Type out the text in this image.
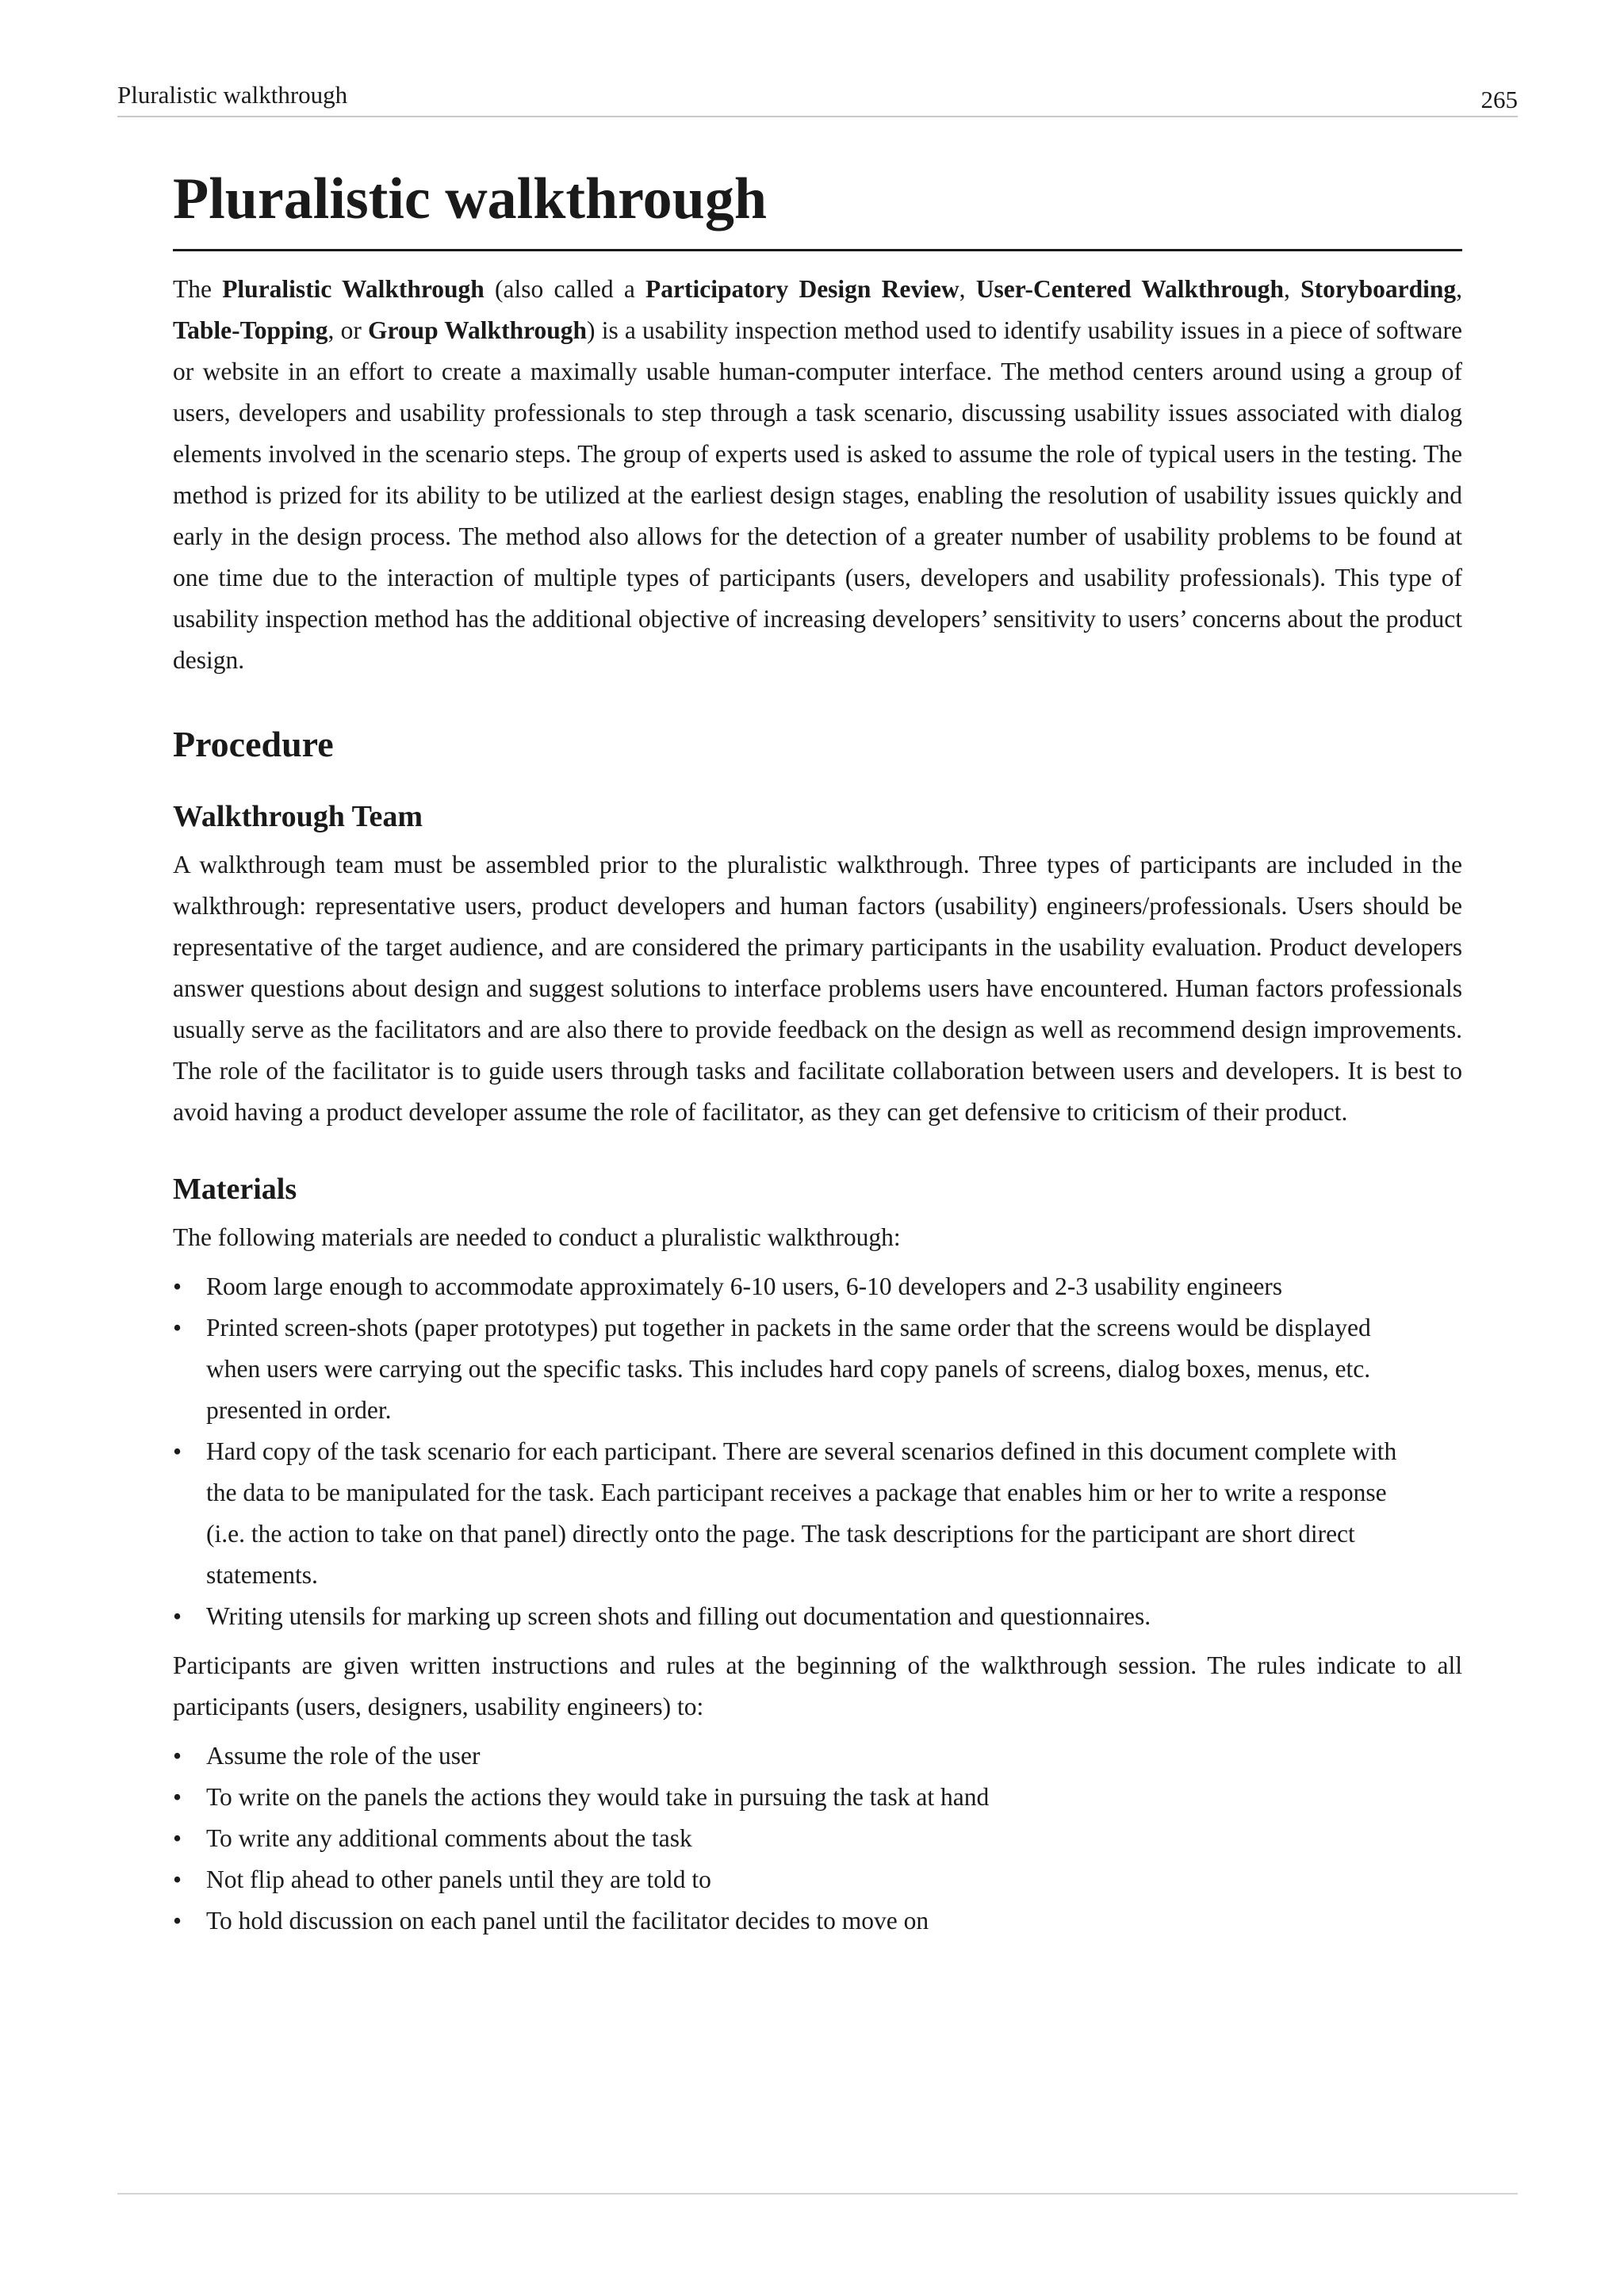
Pluralistic walkthrough	265
Pluralistic walkthrough

The Pluralistic Walkthrough (also called a Participatory Design Review, User-Centered Walkthrough, Storyboarding, Table-Topping, or Group Walkthrough) is a usability inspection method used to identify usability issues in a piece of software or website in an effort to create a maximally usable human-computer interface. The method centers around using a group of users, developers and usability professionals to step through a task scenario, discussing usability issues associated with dialog elements involved in the scenario steps. The group of experts used is asked to assume the role of typical users in the testing. The method is prized for its ability to be utilized at the earliest design stages, enabling the resolution of usability issues quickly and early in the design process. The method also allows for the detection of a greater number of usability problems to be found at one time due to the interaction of multiple types of participants (users, developers and usability professionals). This type of usability inspection method has the additional objective of increasing developers’ sensitivity to users’ concerns about the product design.

Procedure
Walkthrough Team

A walkthrough team must be assembled prior to the pluralistic walkthrough. Three types of participants are included in the walkthrough: representative users, product developers and human factors (usability) engineers/professionals. Users should be representative of the target audience, and are considered the primary participants in the usability evaluation. Product developers answer questions about design and suggest solutions to interface problems users have encountered. Human factors professionals usually serve as the facilitators and are also there to provide feedback on the design as well as recommend design improvements. The role of the facilitator is to guide users through tasks and facilitate collaboration between users and developers. It is best to avoid having a product developer assume the role of facilitator, as they can get defensive to criticism of their product.

Materials

The following materials are needed to conduct a pluralistic walkthrough:

• Room large enough to accommodate approximately 6-10 users, 6-10 developers and 2-3 usability engineers
• Printed screen-shots (paper prototypes) put together in packets in the same order that the screens would be displayed when users were carrying out the specific tasks. This includes hard copy panels of screens, dialog boxes, menus, etc. presented in order.
• Hard copy of the task scenario for each participant. There are several scenarios defined in this document complete with the data to be manipulated for the task. Each participant receives a package that enables him or her to write a response (i.e. the action to take on that panel) directly onto the page. The task descriptions for the participant are short direct statements.
• Writing utensils for marking up screen shots and filling out documentation and questionnaires.

Participants are given written instructions and rules at the beginning of the walkthrough session. The rules indicate to all participants (users, designers, usability engineers) to:

• Assume the role of the user
• To write on the panels the actions they would take in pursuing the task at hand
• To write any additional comments about the task
• Not flip ahead to other panels until they are told to
• To hold discussion on each panel until the facilitator decides to move on
